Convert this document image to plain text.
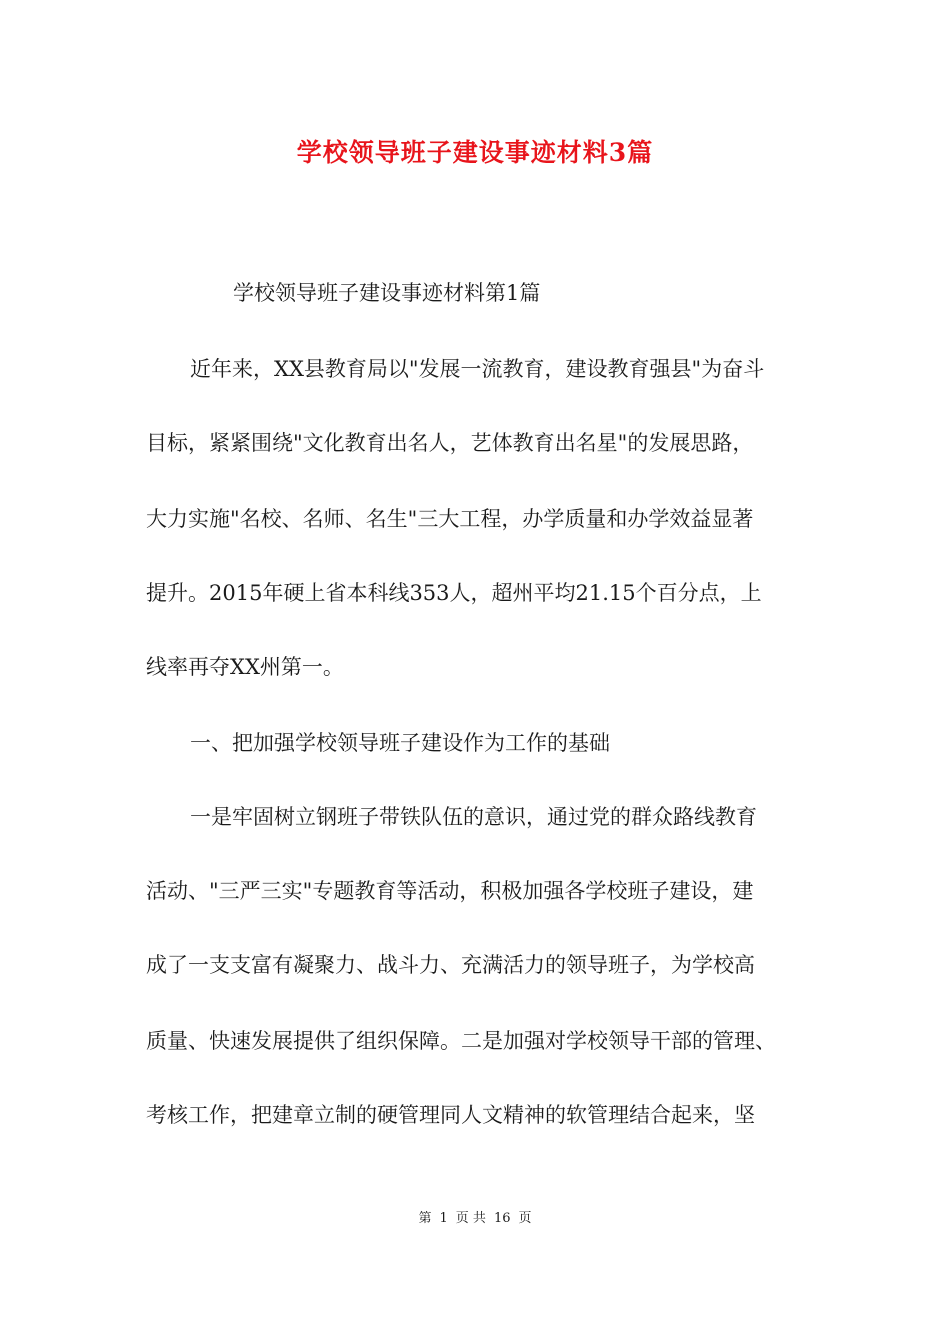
学校领导班子建设事迹材料3篇
学校领导班子建设事迹材料第1篇
近年来，XX县教育局以"发展一流教育，建设教育强县"为奋斗
目标，紧紧围绕"文化教育出名人，艺体教育出名星"的发展思路，
大力实施"名校、名师、名生"三大工程，办学质量和办学效益显著
提升。2015年硬上省本科线353人，超州平均21.15个百分点，上
线率再夺XX州第一。
一、把加强学校领导班子建设作为工作的基础
一是牢固树立钢班子带铁队伍的意识，通过党的群众路线教育
活动、"三严三实"专题教育等活动，积极加强各学校班子建设，建
成了一支支富有凝聚力、战斗力、充满活力的领导班子，为学校高
质量、快速发展提供了组织保障。二是加强对学校领导干部的管理、
考核工作，把建章立制的硬管理同人文精神的软管理结合起来，坚
第 1 页 共 16 页
